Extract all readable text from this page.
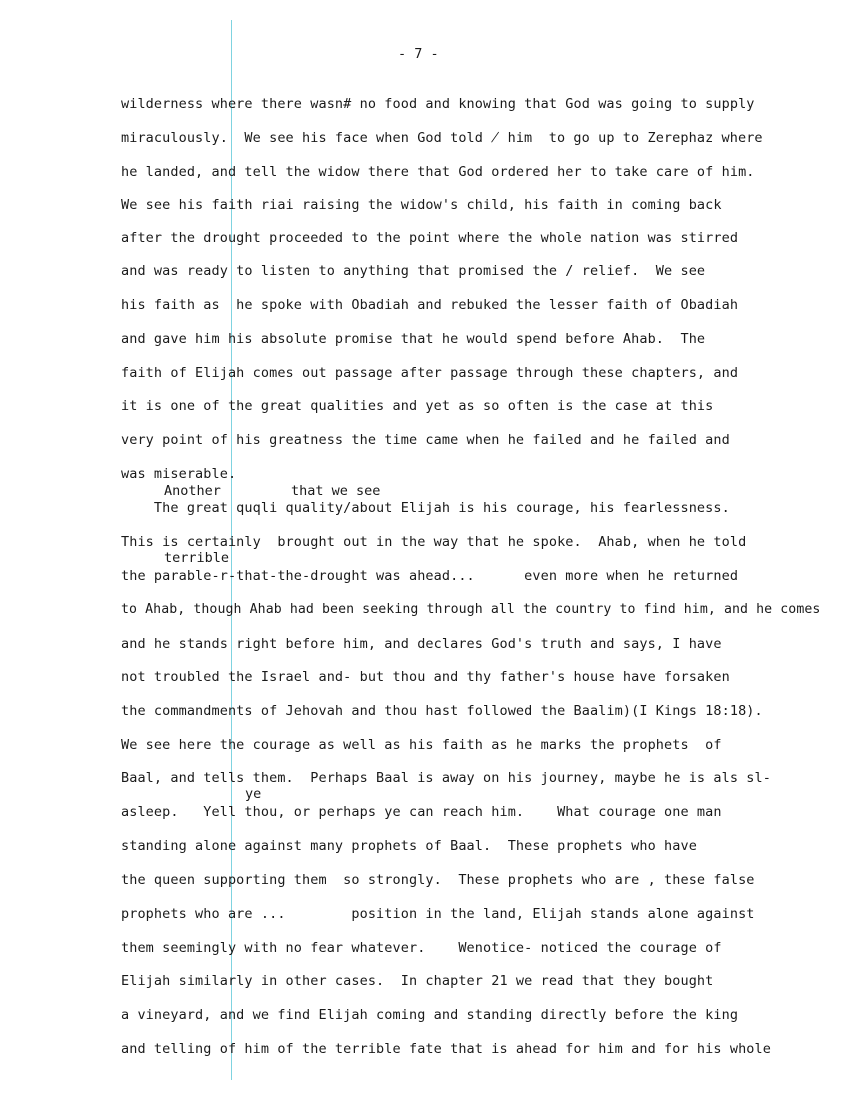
- 7 -

wilderness where there wasn# no food and knowing that God was going to supply

miraculously.  We see his face when God told ̸ him  to go up to Zerephaz where

he landed, and tell the widow there that God ordered her to take care of him.

We see his faith riai raising the widow's child, his faith in coming back

after the drought proceeded to the point where the whole nation was stirred

and was ready to listen to anything that promised the / relief.  We see

his faith as  he spoke with Obadiah and rebuked the lesser faith of Obadiah

and gave him his absolute promise that he would spend before Ahab.  The

faith of Elijah comes out passage after passage through these chapters, and

it is one of the great qualities and yet as so often is the case at this

very point of his greatness the time came when he failed and he failed and

was miserable.

Another	that we see

The great quqli quality/about Elijah is his courage, his fearlessness.

This is certainly  brought out in the way that he spoke.  Ahab, when he told

terrible

the parable-r-that-the-drought was ahead...      even more when he returned

to Ahab, though Ahab had been seeking through all the country to find him, and he comes

and he stands right before him, and declares God's truth and says, I have

not troubled the Israel and- but thou and thy father's house have forsaken

the commandments of Jehovah and thou hast followed the Baalim)(I Kings 18:18).

We see here the courage as well as his faith as he marks the prophets  of

Baal, and tells them.  Perhaps Baal is away on his journey, maybe he is als sl-

ye

asleep.   Yell thou, or perhaps ye can reach him.    What courage one man

standing alone against many prophets of Baal.  These prophets who have

the queen supporting them  so strongly.  These prophets who are , these false

prophets who are ...        position in the land, Elijah stands alone against

them seemingly with no fear whatever.    Wenotice- noticed the courage of

Elijah similarly in other cases.  In chapter 21 we read that they bought

a vineyard, and we find Elijah coming and standing directly before the king

and telling of him of the terrible fate that is ahead for him and for his whole
